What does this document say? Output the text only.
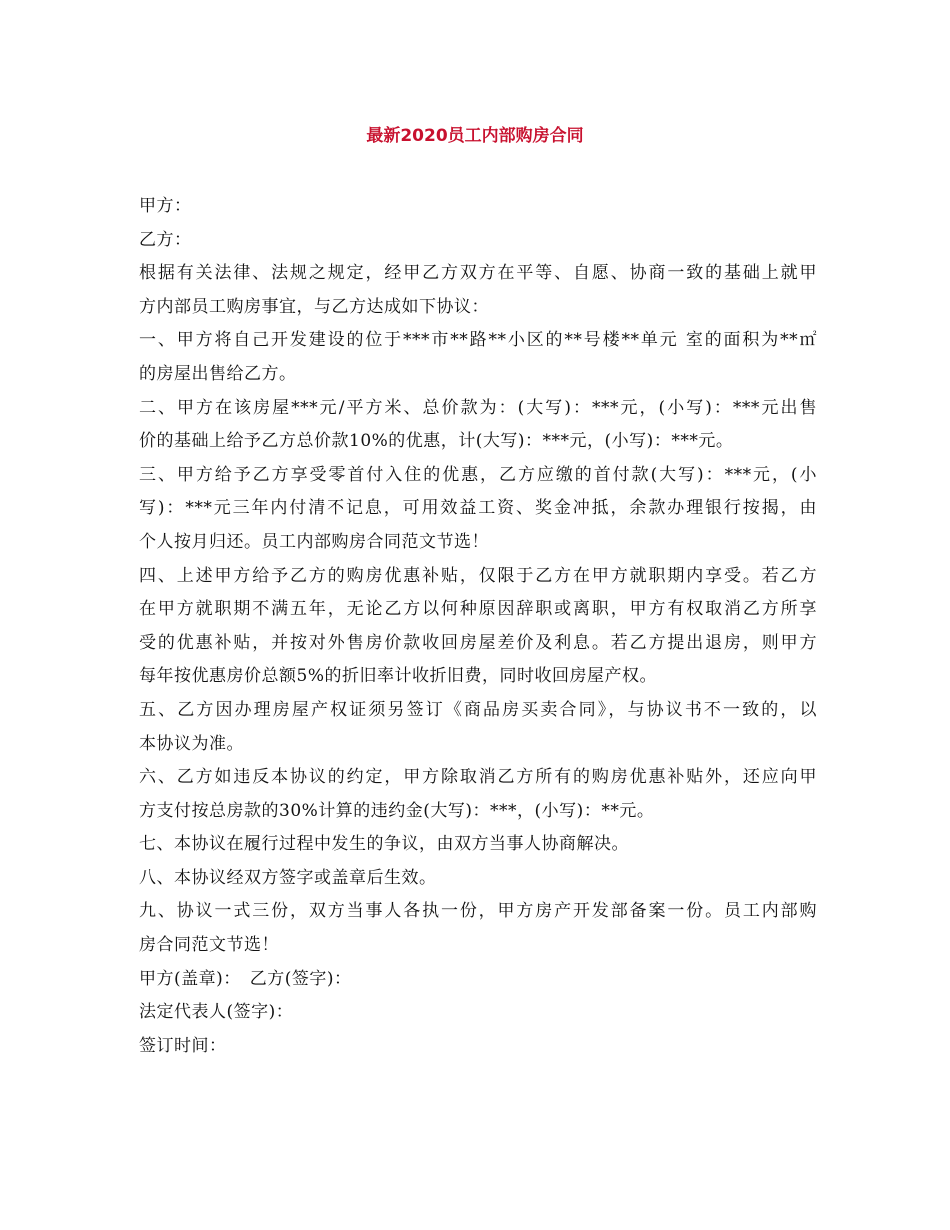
最新2020员工内部购房合同
甲方：
乙方：
根据有关法律、法规之规定，经甲乙方双方在平等、自愿、协商一致的基础上就甲
方内部员工购房事宜，与乙方达成如下协议：
一、甲方将自己开发建设的位于***市**路**小区的**号楼**单元 室的面积为**㎡
的房屋出售给乙方。
二、甲方在该房屋***元/平方米、总价款为：(大写)：***元，(小写)：***元出售
价的基础上给予乙方总价款10%的优惠，计(大写)：***元，(小写)：***元。
三、甲方给予乙方享受零首付入住的优惠，乙方应缴的首付款(大写)：***元，(小
写)：***元三年内付清不记息，可用效益工资、奖金冲抵，余款办理银行按揭，由
个人按月归还。员工内部购房合同范文节选！
四、上述甲方给予乙方的购房优惠补贴，仅限于乙方在甲方就职期内享受。若乙方
在甲方就职期不满五年，无论乙方以何种原因辞职或离职，甲方有权取消乙方所享
受的优惠补贴，并按对外售房价款收回房屋差价及利息。若乙方提出退房，则甲方
每年按优惠房价总额5%的折旧率计收折旧费，同时收回房屋产权。
五、乙方因办理房屋产权证须另签订《商品房买卖合同》，与协议书不一致的，以
本协议为准。
六、乙方如违反本协议的约定，甲方除取消乙方所有的购房优惠补贴外，还应向甲
方支付按总房款的30%计算的违约金(大写)：***，(小写)：**元。
七、本协议在履行过程中发生的争议，由双方当事人协商解决。
八、本协议经双方签字或盖章后生效。
九、协议一式三份，双方当事人各执一份，甲方房产开发部备案一份。员工内部购
房合同范文节选！
甲方(盖章)：　乙方(签字)：
法定代表人(签字)：
签订时间：
